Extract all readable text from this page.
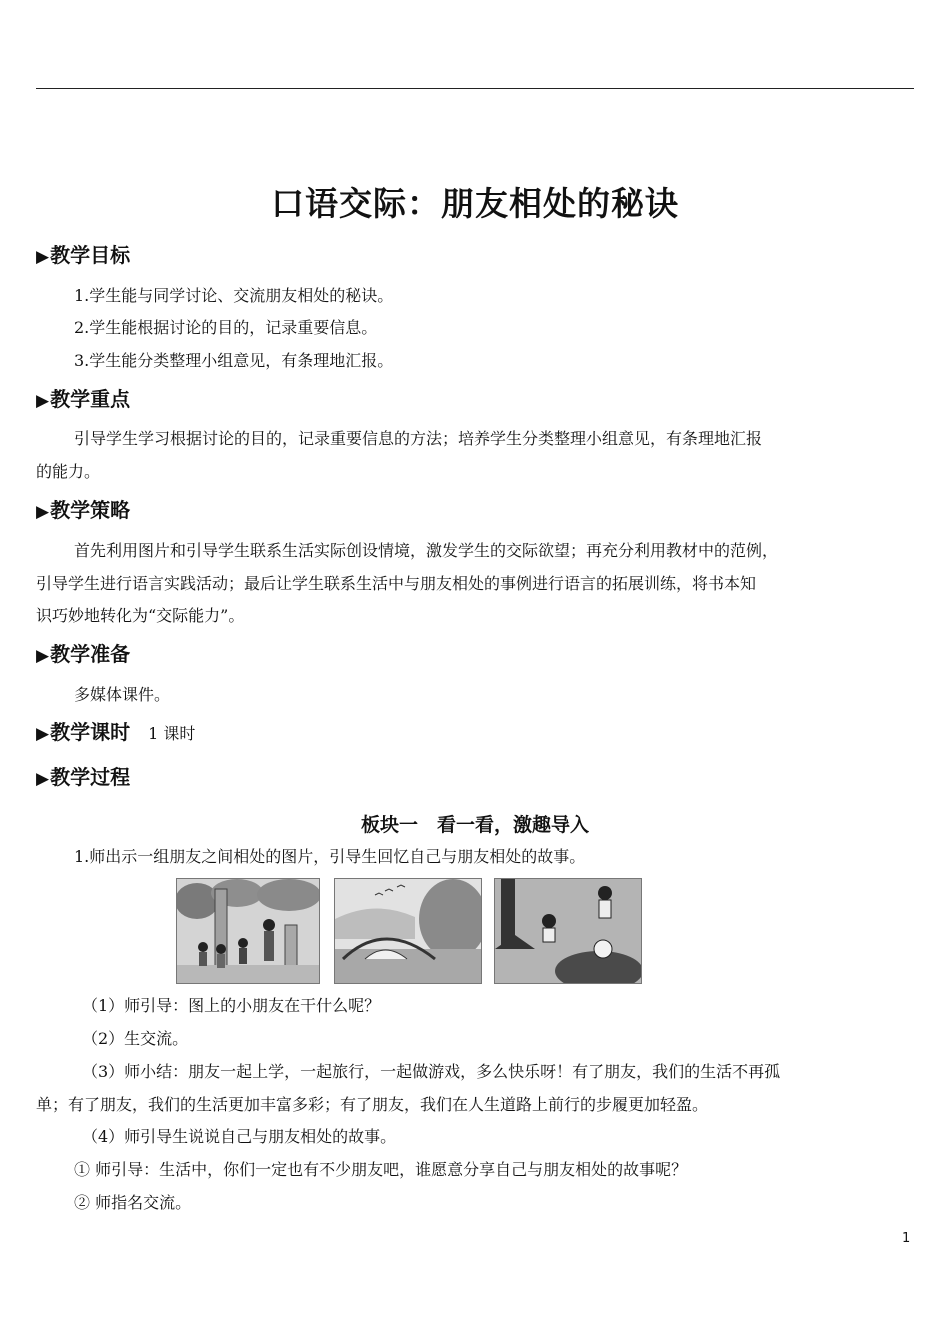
口语交际：朋友相处的秘诀
▶教学目标
1.学生能与同学讨论、交流朋友相处的秘诀。
2.学生能根据讨论的目的，记录重要信息。
3.学生能分类整理小组意见，有条理地汇报。
▶教学重点
引导学生学习根据讨论的目的，记录重要信息的方法；培养学生分类整理小组意见，有条理地汇报
的能力。
▶教学策略
首先利用图片和引导学生联系生活实际创设情境，激发学生的交际欲望；再充分利用教材中的范例，
引导学生进行语言实践活动；最后让学生联系生活中与朋友相处的事例进行语言的拓展训练，将书本知
识巧妙地转化为“交际能力”。
▶教学准备
多媒体课件。
▶教学课时 1 课时
▶教学过程
板块一　看一看，激趣导入
1.师出示一组朋友之间相处的图片，引导生回忆自己与朋友相处的故事。
（1）师引导：图上的小朋友在干什么呢？
（2）生交流。
（3）师小结：朋友一起上学，一起旅行，一起做游戏，多么快乐呀！有了朋友，我们的生活不再孤
单；有了朋友，我们的生活更加丰富多彩；有了朋友，我们在人生道路上前行的步履更加轻盈。
（4）师引导生说说自己与朋友相处的故事。
① 师引导：生活中，你们一定也有不少朋友吧，谁愿意分享自己与朋友相处的故事呢？
② 师指名交流。
1
